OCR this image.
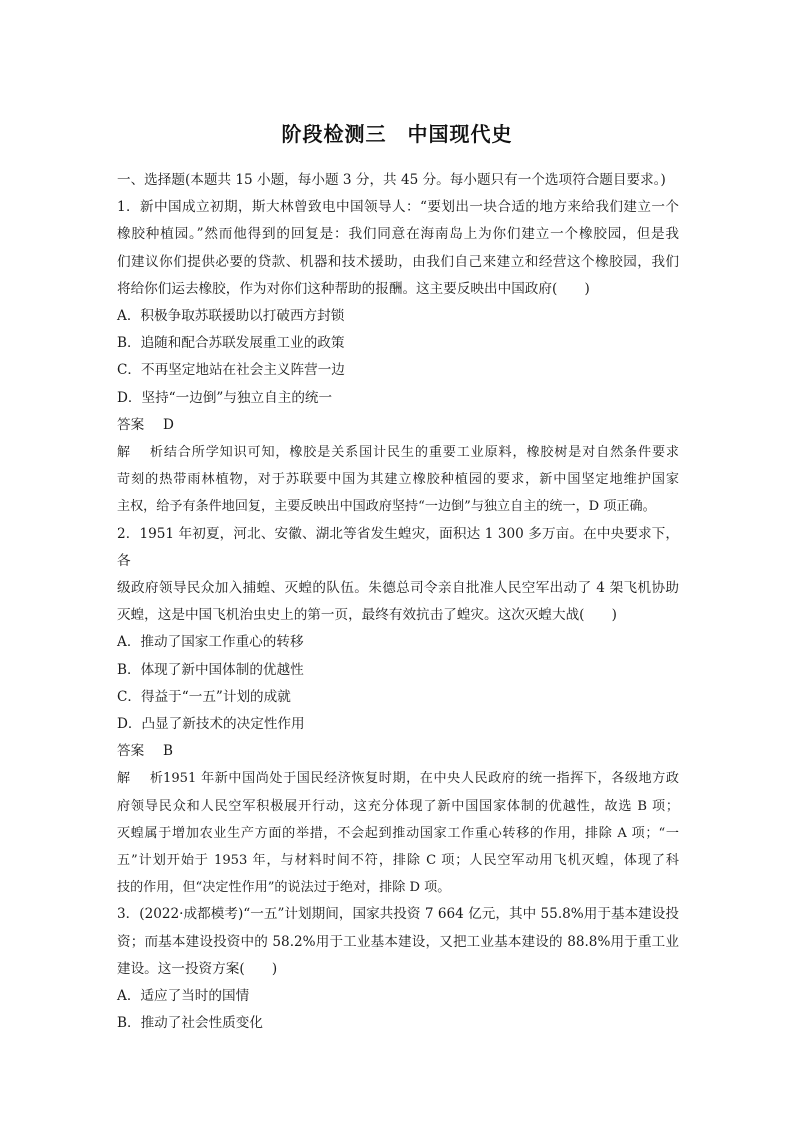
阶段检测三　中国现代史

一、选择题(本题共 15 小题，每小题 3 分，共 45 分。每小题只有一个选项符合题目要求。)

1．新中国成立初期，斯大林曾致电中国领导人：“要划出一块合适的地方来给我们建立一个

橡胶种植园。”然而他得到的回复是：我们同意在海南岛上为你们建立一个橡胶园，但是我

们建议你们提供必要的贷款、机器和技术援助，由我们自己来建立和经营这个橡胶园，我们

将给你们运去橡胶，作为对你们这种帮助的报酬。这主要反映出中国政府(　　)

A．积极争取苏联援助以打破西方封锁

B．追随和配合苏联发展重工业的政策

C．不再坚定地站在社会主义阵营一边

D．坚持“一边倒”与独立自主的统一

答案 D

解析结合所学知识可知，橡胶是关系国计民生的重要工业原料，橡胶树是对自然条件要求

苛刻的热带雨林植物，对于苏联要中国为其建立橡胶种植园的要求，新中国坚定地维护国家

主权，给予有条件地回复，主要反映出中国政府坚持“一边倒”与独立自主的统一，D 项正确。

2．1951 年初夏，河北、安徽、湖北等省发生蝗灾，面积达 1 300 多万亩。在中央要求下，各

级政府领导民众加入捕蝗、灭蝗的队伍。朱德总司令亲自批准人民空军出动了 4 架飞机协助

灭蝗，这是中国飞机治虫史上的第一页，最终有效抗击了蝗灾。这次灭蝗大战(　　)

A．推动了国家工作重心的转移

B．体现了新中国体制的优越性

C．得益于“一五”计划的成就

D．凸显了新技术的决定性作用

答案 B

解析1951 年新中国尚处于国民经济恢复时期，在中央人民政府的统一指挥下，各级地方政

府领导民众和人民空军积极展开行动，这充分体现了新中国国家体制的优越性，故选 B 项；

灭蝗属于增加农业生产方面的举措，不会起到推动国家工作重心转移的作用，排除 A 项；“一

五”计划开始于 1953 年，与材料时间不符，排除 C 项；人民空军动用飞机灭蝗，体现了科

技的作用，但“决定性作用”的说法过于绝对，排除 D 项。

3．(2022·成都模考)“一五”计划期间，国家共投资 7 664 亿元，其中 55.8%用于基本建设投

资；而基本建设投资中的 58.2%用于工业基本建设，又把工业基本建设的 88.8%用于重工业

建设。这一投资方案(　　)

A．适应了当时的国情

B．推动了社会性质变化
